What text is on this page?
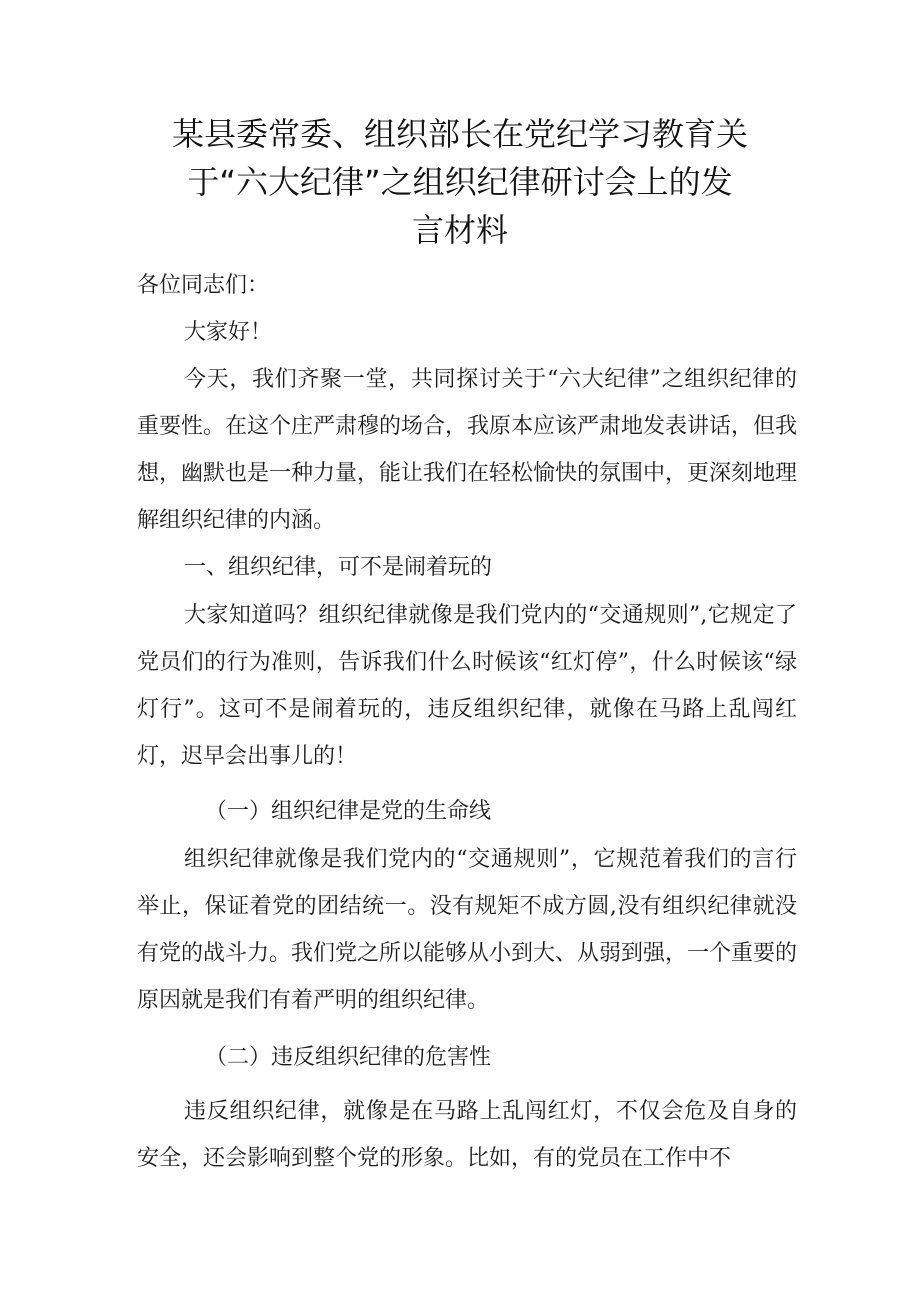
某县委常委、组织部长在党纪学习教育关
于“六大纪律”之组织纪律研讨会上的发
言材料

各位同志们：

大家好！

今天，我们齐聚一堂，共同探讨关于“六大纪律”之组织纪律的重要性。在这个庄严肃穆的场合，我原本应该严肃地发表讲话，但我想，幽默也是一种力量，能让我们在轻松愉快的氛围中，更深刻地理解组织纪律的内涵。

一、组织纪律，可不是闹着玩的

大家知道吗？组织纪律就像是我们党内的“交通规则”,它规定了党员们的行为准则，告诉我们什么时候该“红灯停”，什么时候该“绿灯行”。这可不是闹着玩的，违反组织纪律，就像在马路上乱闯红灯，迟早会出事儿的！

（一）组织纪律是党的生命线

组织纪律就像是我们党内的“交通规则”，它规范着我们的言行举止，保证着党的团结统一。没有规矩不成方圆,没有组织纪律就没有党的战斗力。我们党之所以能够从小到大、从弱到强，一个重要的原因就是我们有着严明的组织纪律。

（二）违反组织纪律的危害性

违反组织纪律，就像是在马路上乱闯红灯，不仅会危及自身的安全，还会影响到整个党的形象。比如，有的党员在工作中不
